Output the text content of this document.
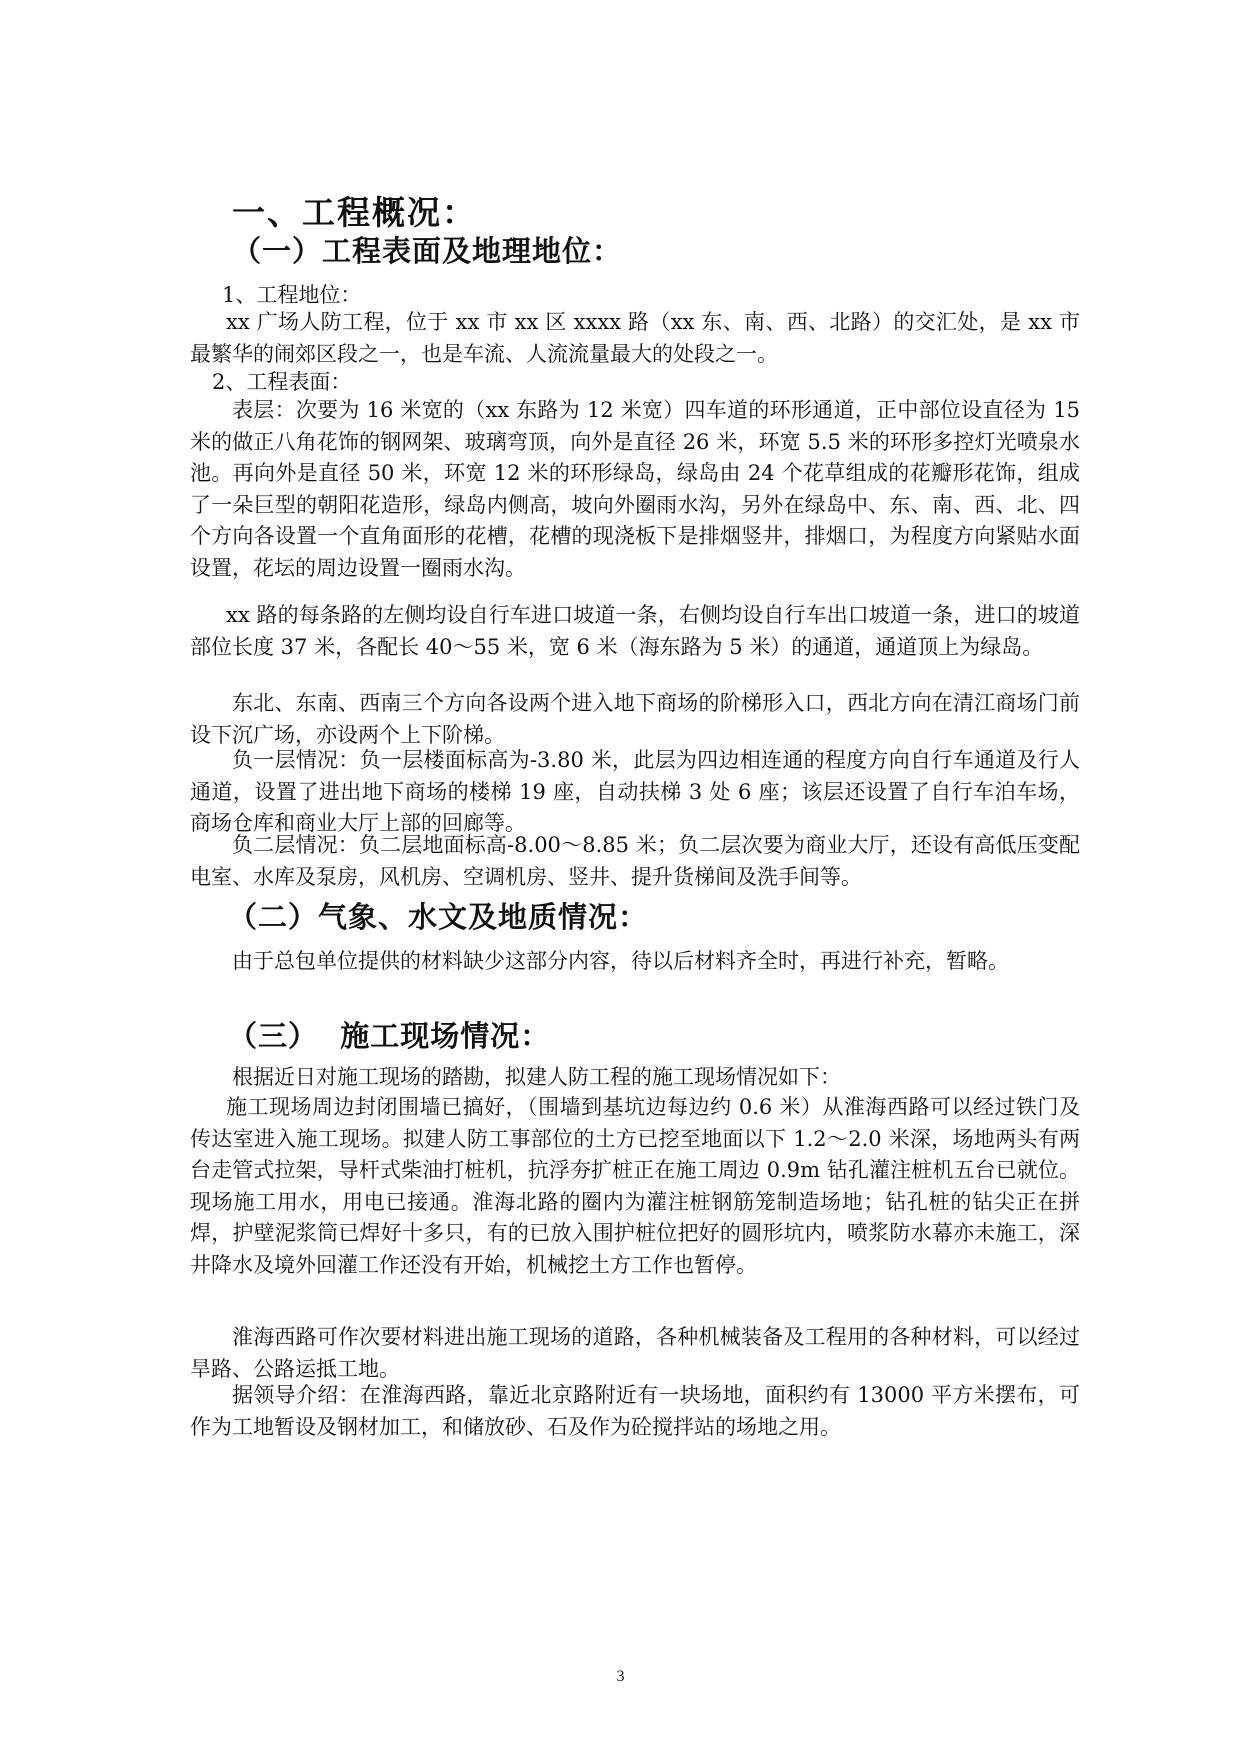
一、工程概况：
（一）工程表面及地理地位：
1、工程地位：
xx 广场人防工程，位于 xx 市 xx 区 xxxx 路（xx 东、南、西、北路）的交汇处，是 xx 市最繁华的闹郊区段之一，也是车流、人流流量最大的处段之一。
2、工程表面：
表层：次要为 16 米宽的（xx 东路为 12 米宽）四车道的环形通道，正中部位设直径为 15 米的做正八角花饰的钢网架、玻璃弯顶，向外是直径 26 米，环宽 5.5 米的环形多控灯光喷泉水池。再向外是直径 50 米，环宽 12 米的环形绿岛，绿岛由 24 个花草组成的花瓣形花饰，组成了一朵巨型的朝阳花造形，绿岛内侧高，坡向外圈雨水沟，另外在绿岛中、东、南、西、北、四个方向各设置一个直角面形的花槽，花槽的现浇板下是排烟竖井，排烟口，为程度方向紧贴水面设置，花坛的周边设置一圈雨水沟。
xx 路的每条路的左侧均设自行车进口坡道一条，右侧均设自行车出口坡道一条，进口的坡道部位长度 37 米，各配长 40～55 米，宽 6 米（海东路为 5 米）的通道，通道顶上为绿岛。
东北、东南、西南三个方向各设两个进入地下商场的阶梯形入口，西北方向在清江商场门前设下沉广场，亦设两个上下阶梯。
负一层情况：负一层楼面标高为-3.80 米，此层为四边相连通的程度方向自行车通道及行人通道，设置了进出地下商场的楼梯 19 座，自动扶梯 3 处 6 座；该层还设置了自行车泊车场，商场仓库和商业大厅上部的回廊等。
负二层情况：负二层地面标高-8.00～8.85 米；负二层次要为商业大厅，还设有高低压变配电室、水库及泵房，风机房、空调机房、竖井、提升货梯间及洗手间等。
（二）气象、水文及地质情况：
由于总包单位提供的材料缺少这部分内容，待以后材料齐全时，再进行补充，暂略。
（三）  施工现场情况：
根据近日对施工现场的踏勘，拟建人防工程的施工现场情况如下：
施工现场周边封闭围墙已搞好，（围墙到基坑边每边约 0.6 米）从淮海西路可以经过铁门及传达室进入施工现场。拟建人防工事部位的土方已挖至地面以下 1.2～2.0 米深，场地两头有两台走管式拉架，导杆式柴油打桩机，抗浮夯扩桩正在施工周边 0.9m 钻孔灌注桩机五台已就位。现场施工用水，用电已接通。淮海北路的圈内为灌注桩钢筋笼制造场地；钻孔桩的钻尖正在拼焊，护壁泥浆筒已焊好十多只，有的已放入围护桩位把好的圆形坑内，喷浆防水幕亦未施工，深井降水及境外回灌工作还没有开始，机械挖土方工作也暂停。
淮海西路可作次要材料进出施工现场的道路，各种机械装备及工程用的各种材料，可以经过旱路、公路运抵工地。
据领导介绍：在淮海西路，靠近北京路附近有一块场地，面积约有 13000 平方米摆布，可作为工地暂设及钢材加工，和储放砂、石及作为砼搅拌站的场地之用。
3
